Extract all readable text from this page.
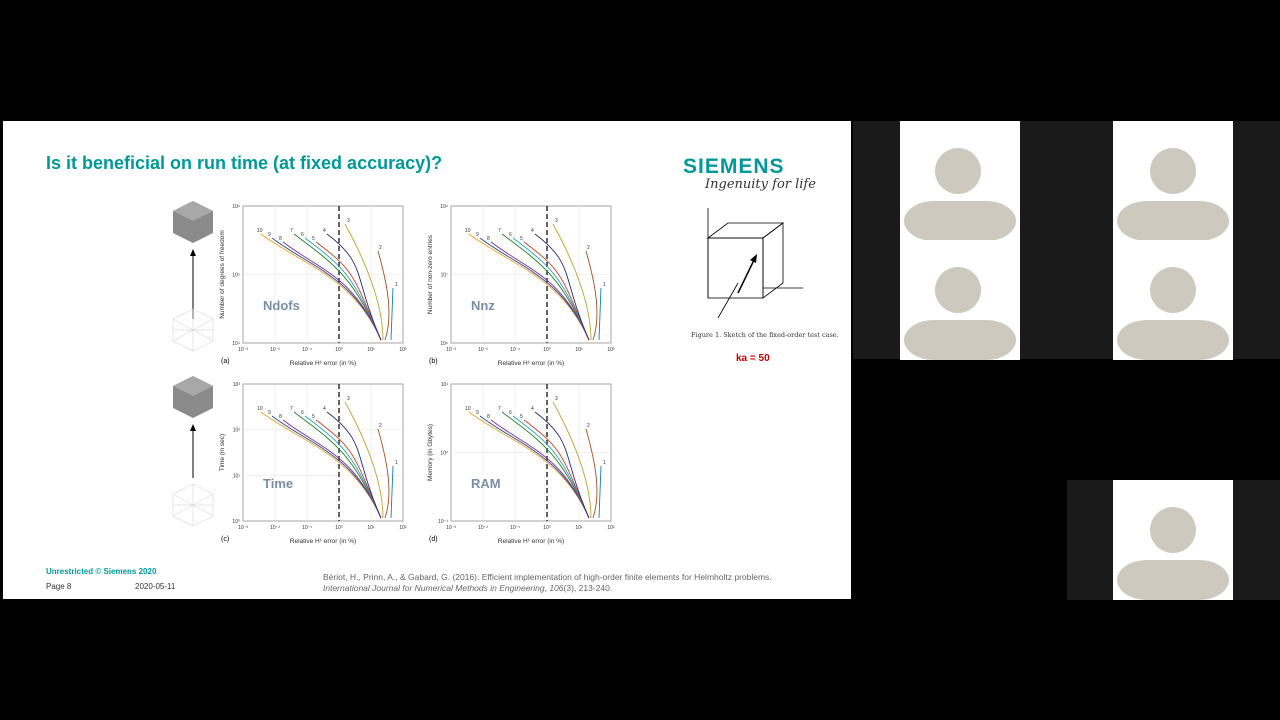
Is it beneficial on run time (at fixed accuracy)?	SIEMENS
Ingenuity for life
10⁻³	10⁻²	10⁻¹	10⁰	10¹	10²
10⁶
10⁵
10⁴
10
9
8
7
6
5
4
3
2
1
Ndofs
Relative H¹ error (in %)
Number of degrees of freedom
(a)
10⁻³	10⁻²	10⁻¹	10⁰	10¹	10²
10⁹
10⁷
10⁶
10
9
8
7
6
5
4
3
2
1
Nnz
Relative H¹ error (in %)
Number of non-zero entries
(b)
10⁻³	10⁻²	10⁻¹	10⁰	10¹	10²
10³
10²
10¹
10⁰
10
9
8
7
6
5
4
3
2
1
Time
Relative H¹ error (in %)
Time (in sec)
(c)
10⁻³	10⁻²	10⁻¹	10⁰	10¹	10²
10¹
10⁰
10⁻¹
10
9
8
7
6
5
4
3
2
1
RAM
Relative H¹ error (in %)
Memory (in Gbytes)
(d)
Figure 1. Sketch of the fixed-order test case.
ka = 50
Unrestricted © Siemens 2020
Page 8	2020-05-11
Bériot, H., Prinn, A., & Gabard, G. (2016). Efficient implementation of high-order finite elements for Helmholtz problems. International Journal for Numerical Methods in Engineering, 106(3), 213-240.
